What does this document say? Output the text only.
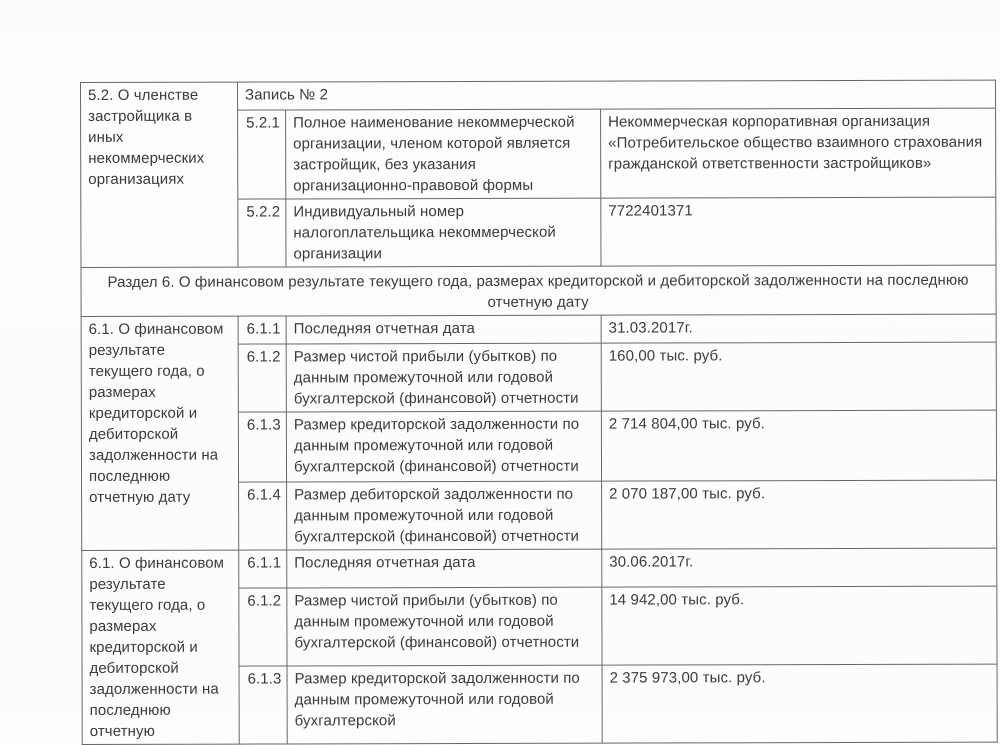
5.2. О членстве застройщика в иных некоммерческих организациях	Запись № 2		
	5.2.1	Полное наименование некоммерческой организации, членом которой является застройщик, без указания организационно-правовой формы	Некоммерческая корпоративная организация «Потребительское общество взаимного страхования гражданской ответственности застройщиков»
	5.2.2	Индивидуальный номер налогоплательщика некоммерческой организации	7722401371
Раздел 6. О финансовом результате текущего года, размерах кредиторской и дебиторской задолженности на последнюю отчетную дату			
6.1. О финансовом результате текущего года, о размерах кредиторской и дебиторской задолженности на последнюю отчетную дату	6.1.1	Последняя отчетная дата	31.03.2017г.
	6.1.2	Размер чистой прибыли (убытков) по данным промежуточной или годовой бухгалтерской (финансовой) отчетности	160,00 тыс. руб.
	6.1.3	Размер кредиторской задолженности по данным промежуточной или годовой бухгалтерской (финансовой) отчетности	2 714 804,00 тыс. руб.
	6.1.4	Размер дебиторской задолженности по данным промежуточной или годовой бухгалтерской (финансовой) отчетности	2 070 187,00 тыс. руб.
6.1. О финансовом результате текущего года, о размерах кредиторской и дебиторской задолженности на последнюю отчетную	6.1.1	Последняя отчетная дата	30.06.2017г.
	6.1.2	Размер чистой прибыли (убытков) по данным промежуточной или годовой бухгалтерской (финансовой) отчетности	14 942,00 тыс. руб.
	6.1.3	Размер кредиторской задолженности по данным промежуточной или годовой бухгалтерской	2 375 973,00 тыс. руб.
